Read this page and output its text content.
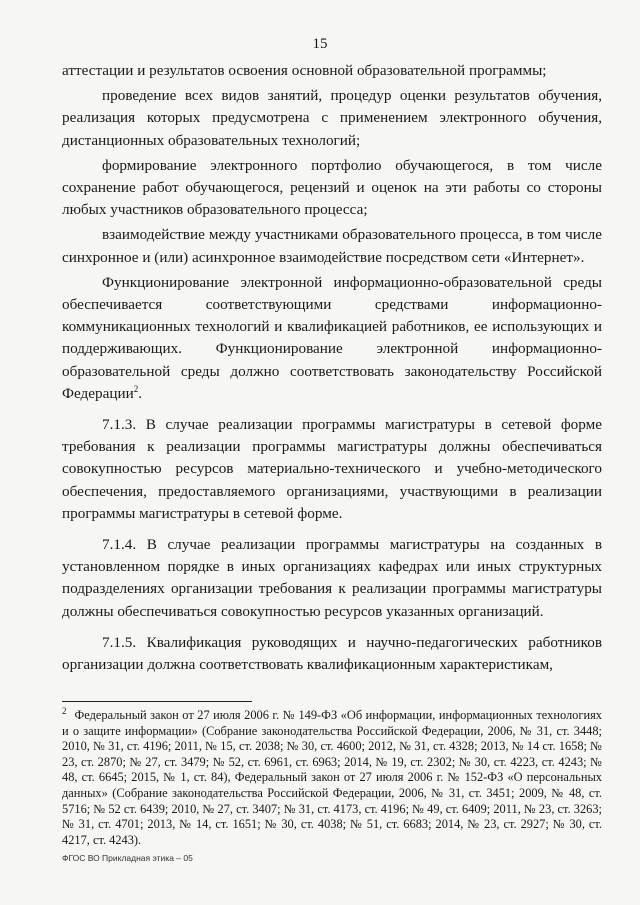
15

аттестации и результатов освоения основной образовательной программы;

проведение всех видов занятий, процедур оценки результатов обучения, реализация которых предусмотрена с применением электронного обучения, дистанционных образовательных технологий;

формирование электронного портфолио обучающегося, в том числе сохранение работ обучающегося, рецензий и оценок на эти работы со стороны любых участников образовательного процесса;

взаимодействие между участниками образовательного процесса, в том числе синхронное и (или) асинхронное взаимодействие посредством сети «Интернет».

Функционирование электронной информационно-образовательной среды обеспечивается соответствующими средствами информационно-коммуникационных технологий и квалификацией работников, ее использующих и поддерживающих. Функционирование электронной информационно-образовательной среды должно соответствовать законодательству Российской Федерации$^2$.

7.1.3. В случае реализации программы магистратуры в сетевой форме требования к реализации программы магистратуры должны обеспечиваться совокупностью ресурсов материально-технического и учебно-методического обеспечения, предоставляемого организациями, участвующими в реализации программы магистратуры в сетевой форме.

7.1.4. В случае реализации программы магистратуры на созданных в установленном порядке в иных организациях кафедрах или иных структурных подразделениях организации требования к реализации программы магистратуры должны обеспечиваться совокупностью ресурсов указанных организаций.

7.1.5. Квалификация руководящих и научно-педагогических работников организации должна соответствовать квалификационным характеристикам,

$^2$ Федеральный закон от 27 июля 2006 г. № 149-ФЗ «Об информации, информационных технологиях и о защите информации» (Собрание законодательства Российской Федерации, 2006, № 31, ст. 3448; 2010, № 31, ст. 4196; 2011, № 15, ст. 2038; № 30, ст. 4600; 2012, № 31, ст. 4328; 2013, № 14 ст. 1658; № 23, ст. 2870; № 27, ст. 3479; № 52, ст. 6961, ст. 6963; 2014, № 19, ст. 2302; № 30, ст. 4223, ст. 4243; № 48, ст. 6645; 2015, № 1, ст. 84), Федеральный закон от 27 июля 2006 г. № 152-ФЗ «О персональных данных» (Собрание законодательства Российской Федерации, 2006, № 31, ст. 3451; 2009, № 48, ст. 5716; № 52 ст. 6439; 2010, № 27, ст. 3407; № 31, ст. 4173, ст. 4196; № 49, ст. 6409; 2011, № 23, ст. 3263; № 31, ст. 4701; 2013, № 14, ст. 1651; № 30, ст. 4038; № 51, ст. 6683; 2014, № 23, ст. 2927; № 30, ст. 4217, ст. 4243).

ФГОС ВО Прикладная этика – 05
